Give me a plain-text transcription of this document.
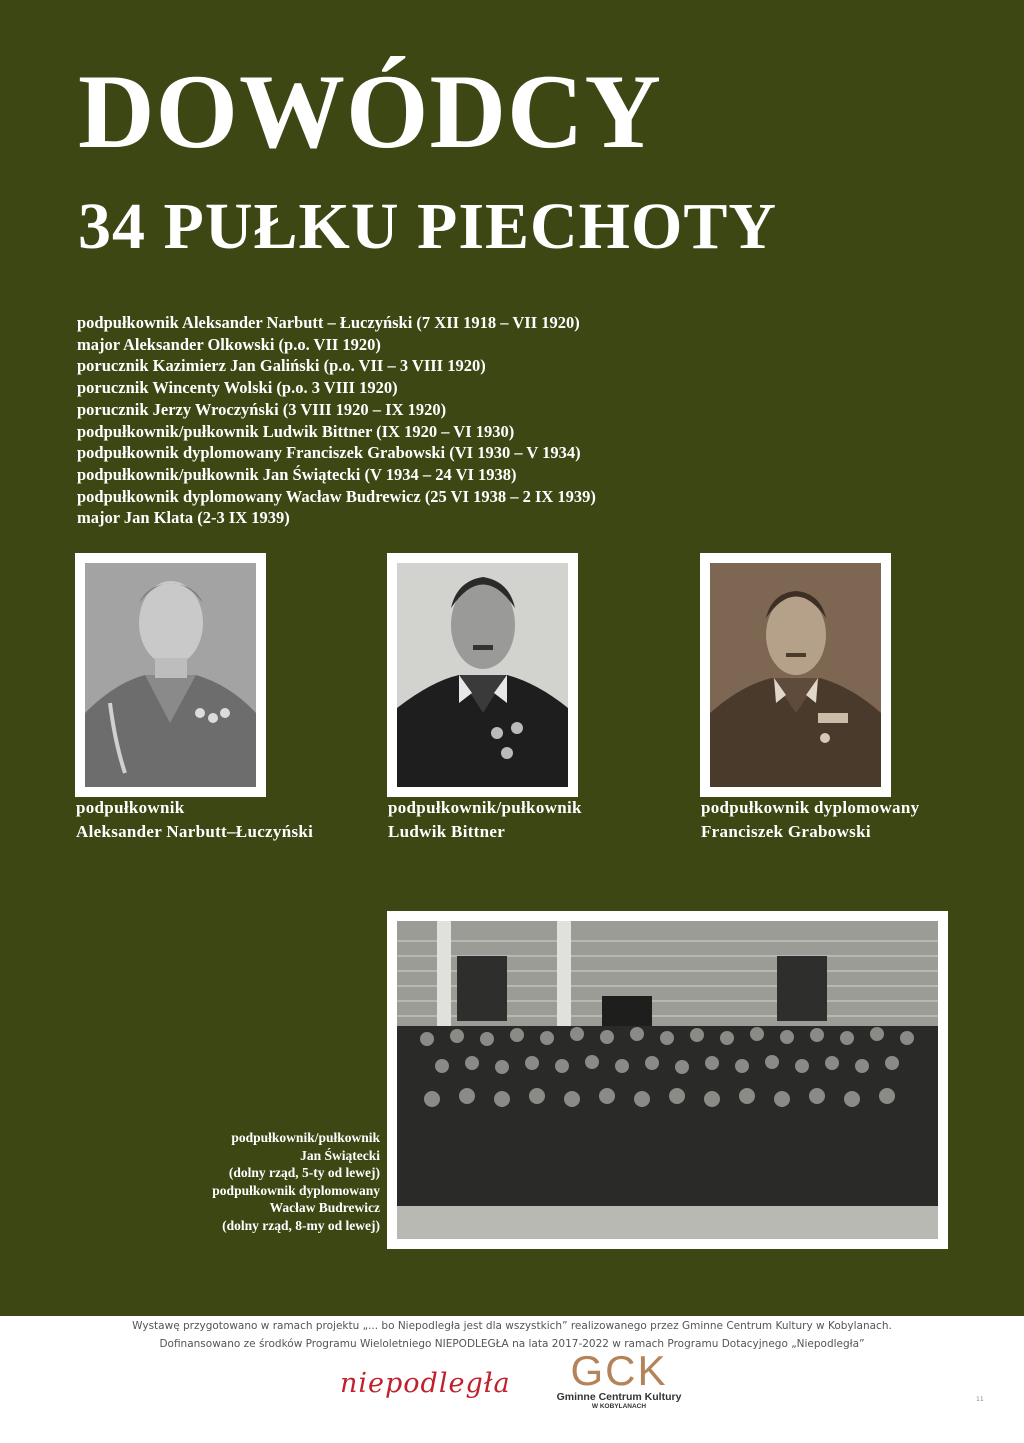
DOWÓDCY
34 PUŁKU PIECHOTY
podpułkownik Aleksander Narbutt – Łuczyński (7 XII 1918 – VII 1920)
major Aleksander Olkowski (p.o. VII 1920)
porucznik Kazimierz Jan Galiński (p.o. VII – 3 VIII 1920)
porucznik Wincenty Wolski (p.o. 3 VIII 1920)
porucznik Jerzy Wroczyński (3 VIII 1920 – IX 1920)
podpułkownik/pułkownik Ludwik Bittner (IX 1920 – VI 1930)
podpułkownik dyplomowany Franciszek Grabowski (VI 1930 – V 1934)
podpułkownik/pułkownik Jan Świątecki (V 1934 – 24 VI 1938)
podpułkownik dyplomowany Wacław Budrewicz (25 VI 1938 – 2 IX 1939)
major Jan Klata (2-3 IX 1939)
podpułkownik
Aleksander Narbutt–Łuczyński
podpułkownik/pułkownik
Ludwik Bittner
podpułkownik dyplomowany
Franciszek Grabowski
podpułkownik/pułkownik
Jan Świątecki
(dolny rząd, 5-ty od lewej)
podpułkownik dyplomowany
Wacław Budrewicz
(dolny rząd, 8-my od lewej)
Wystawę przygotowano w ramach projektu „... bo Niepodległa jest dla wszystkich” realizowanego przez Gminne Centrum Kultury w Kobylanach.
Dofinansowano ze środków Programu Wieloletniego NIEPODLEGŁA na lata 2017-2022 w ramach Programu Dotacyjnego „Niepodległa”
niepodległa	GCK
Gminne Centrum Kultury
W KOBYLANACH
11
